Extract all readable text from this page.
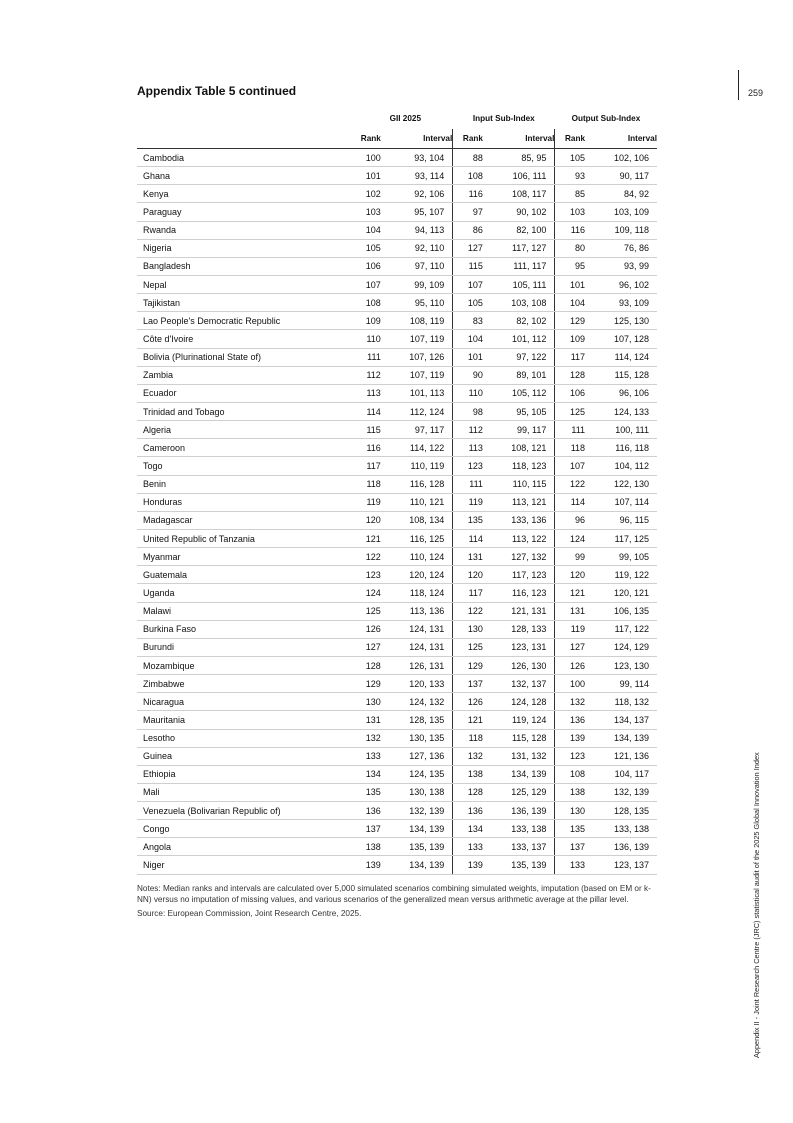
259
Appendix II - Joint Research Centre (JRC) statistical audit of the 2025 Global Innovation Index
Appendix Table 5 continued
	GII 2025		Input Sub-Index		Output Sub-Index	
	Rank	Interval	Rank	Interval	Rank	Interval
Cambodia	100	93, 104	88	85, 95	105	102, 106
Ghana	101	93, 114	108	106, 111	93	90, 117
Kenya	102	92, 106	116	108, 117	85	84, 92
Paraguay	103	95, 107	97	90, 102	103	103, 109
Rwanda	104	94, 113	86	82, 100	116	109, 118
Nigeria	105	92, 110	127	117, 127	80	76, 86
Bangladesh	106	97, 110	115	111, 117	95	93, 99
Nepal	107	99, 109	107	105, 111	101	96, 102
Tajikistan	108	95, 110	105	103, 108	104	93, 109
Lao People's Democratic Republic	109	108, 119	83	82, 102	129	125, 130
Côte d'Ivoire	110	107, 119	104	101, 112	109	107, 128
Bolivia (Plurinational State of)	111	107, 126	101	97, 122	117	114, 124
Zambia	112	107, 119	90	89, 101	128	115, 128
Ecuador	113	101, 113	110	105, 112	106	96, 106
Trinidad and Tobago	114	112, 124	98	95, 105	125	124, 133
Algeria	115	97, 117	112	99, 117	111	100, 111
Cameroon	116	114, 122	113	108, 121	118	116, 118
Togo	117	110, 119	123	118, 123	107	104, 112
Benin	118	116, 128	111	110, 115	122	122, 130
Honduras	119	110, 121	119	113, 121	114	107, 114
Madagascar	120	108, 134	135	133, 136	96	96, 115
United Republic of Tanzania	121	116, 125	114	113, 122	124	117, 125
Myanmar	122	110, 124	131	127, 132	99	99, 105
Guatemala	123	120, 124	120	117, 123	120	119, 122
Uganda	124	118, 124	117	116, 123	121	120, 121
Malawi	125	113, 136	122	121, 131	131	106, 135
Burkina Faso	126	124, 131	130	128, 133	119	117, 122
Burundi	127	124, 131	125	123, 131	127	124, 129
Mozambique	128	126, 131	129	126, 130	126	123, 130
Zimbabwe	129	120, 133	137	132, 137	100	99, 114
Nicaragua	130	124, 132	126	124, 128	132	118, 132
Mauritania	131	128, 135	121	119, 124	136	134, 137
Lesotho	132	130, 135	118	115, 128	139	134, 139
Guinea	133	127, 136	132	131, 132	123	121, 136
Ethiopia	134	124, 135	138	134, 139	108	104, 117
Mali	135	130, 138	128	125, 129	138	132, 139
Venezuela (Bolivarian Republic of)	136	132, 139	136	136, 139	130	128, 135
Congo	137	134, 139	134	133, 138	135	133, 138
Angola	138	135, 139	133	133, 137	137	136, 139
Niger	139	134, 139	139	135, 139	133	123, 137

Notes: Median ranks and intervals are calculated over 5,000 simulated scenarios combining simulated weights, imputation (based on EM or k-NN) versus no imputation of missing values, and various scenarios of the generalized mean versus arithmetic average at the pillar level.

Source: European Commission, Joint Research Centre, 2025.
